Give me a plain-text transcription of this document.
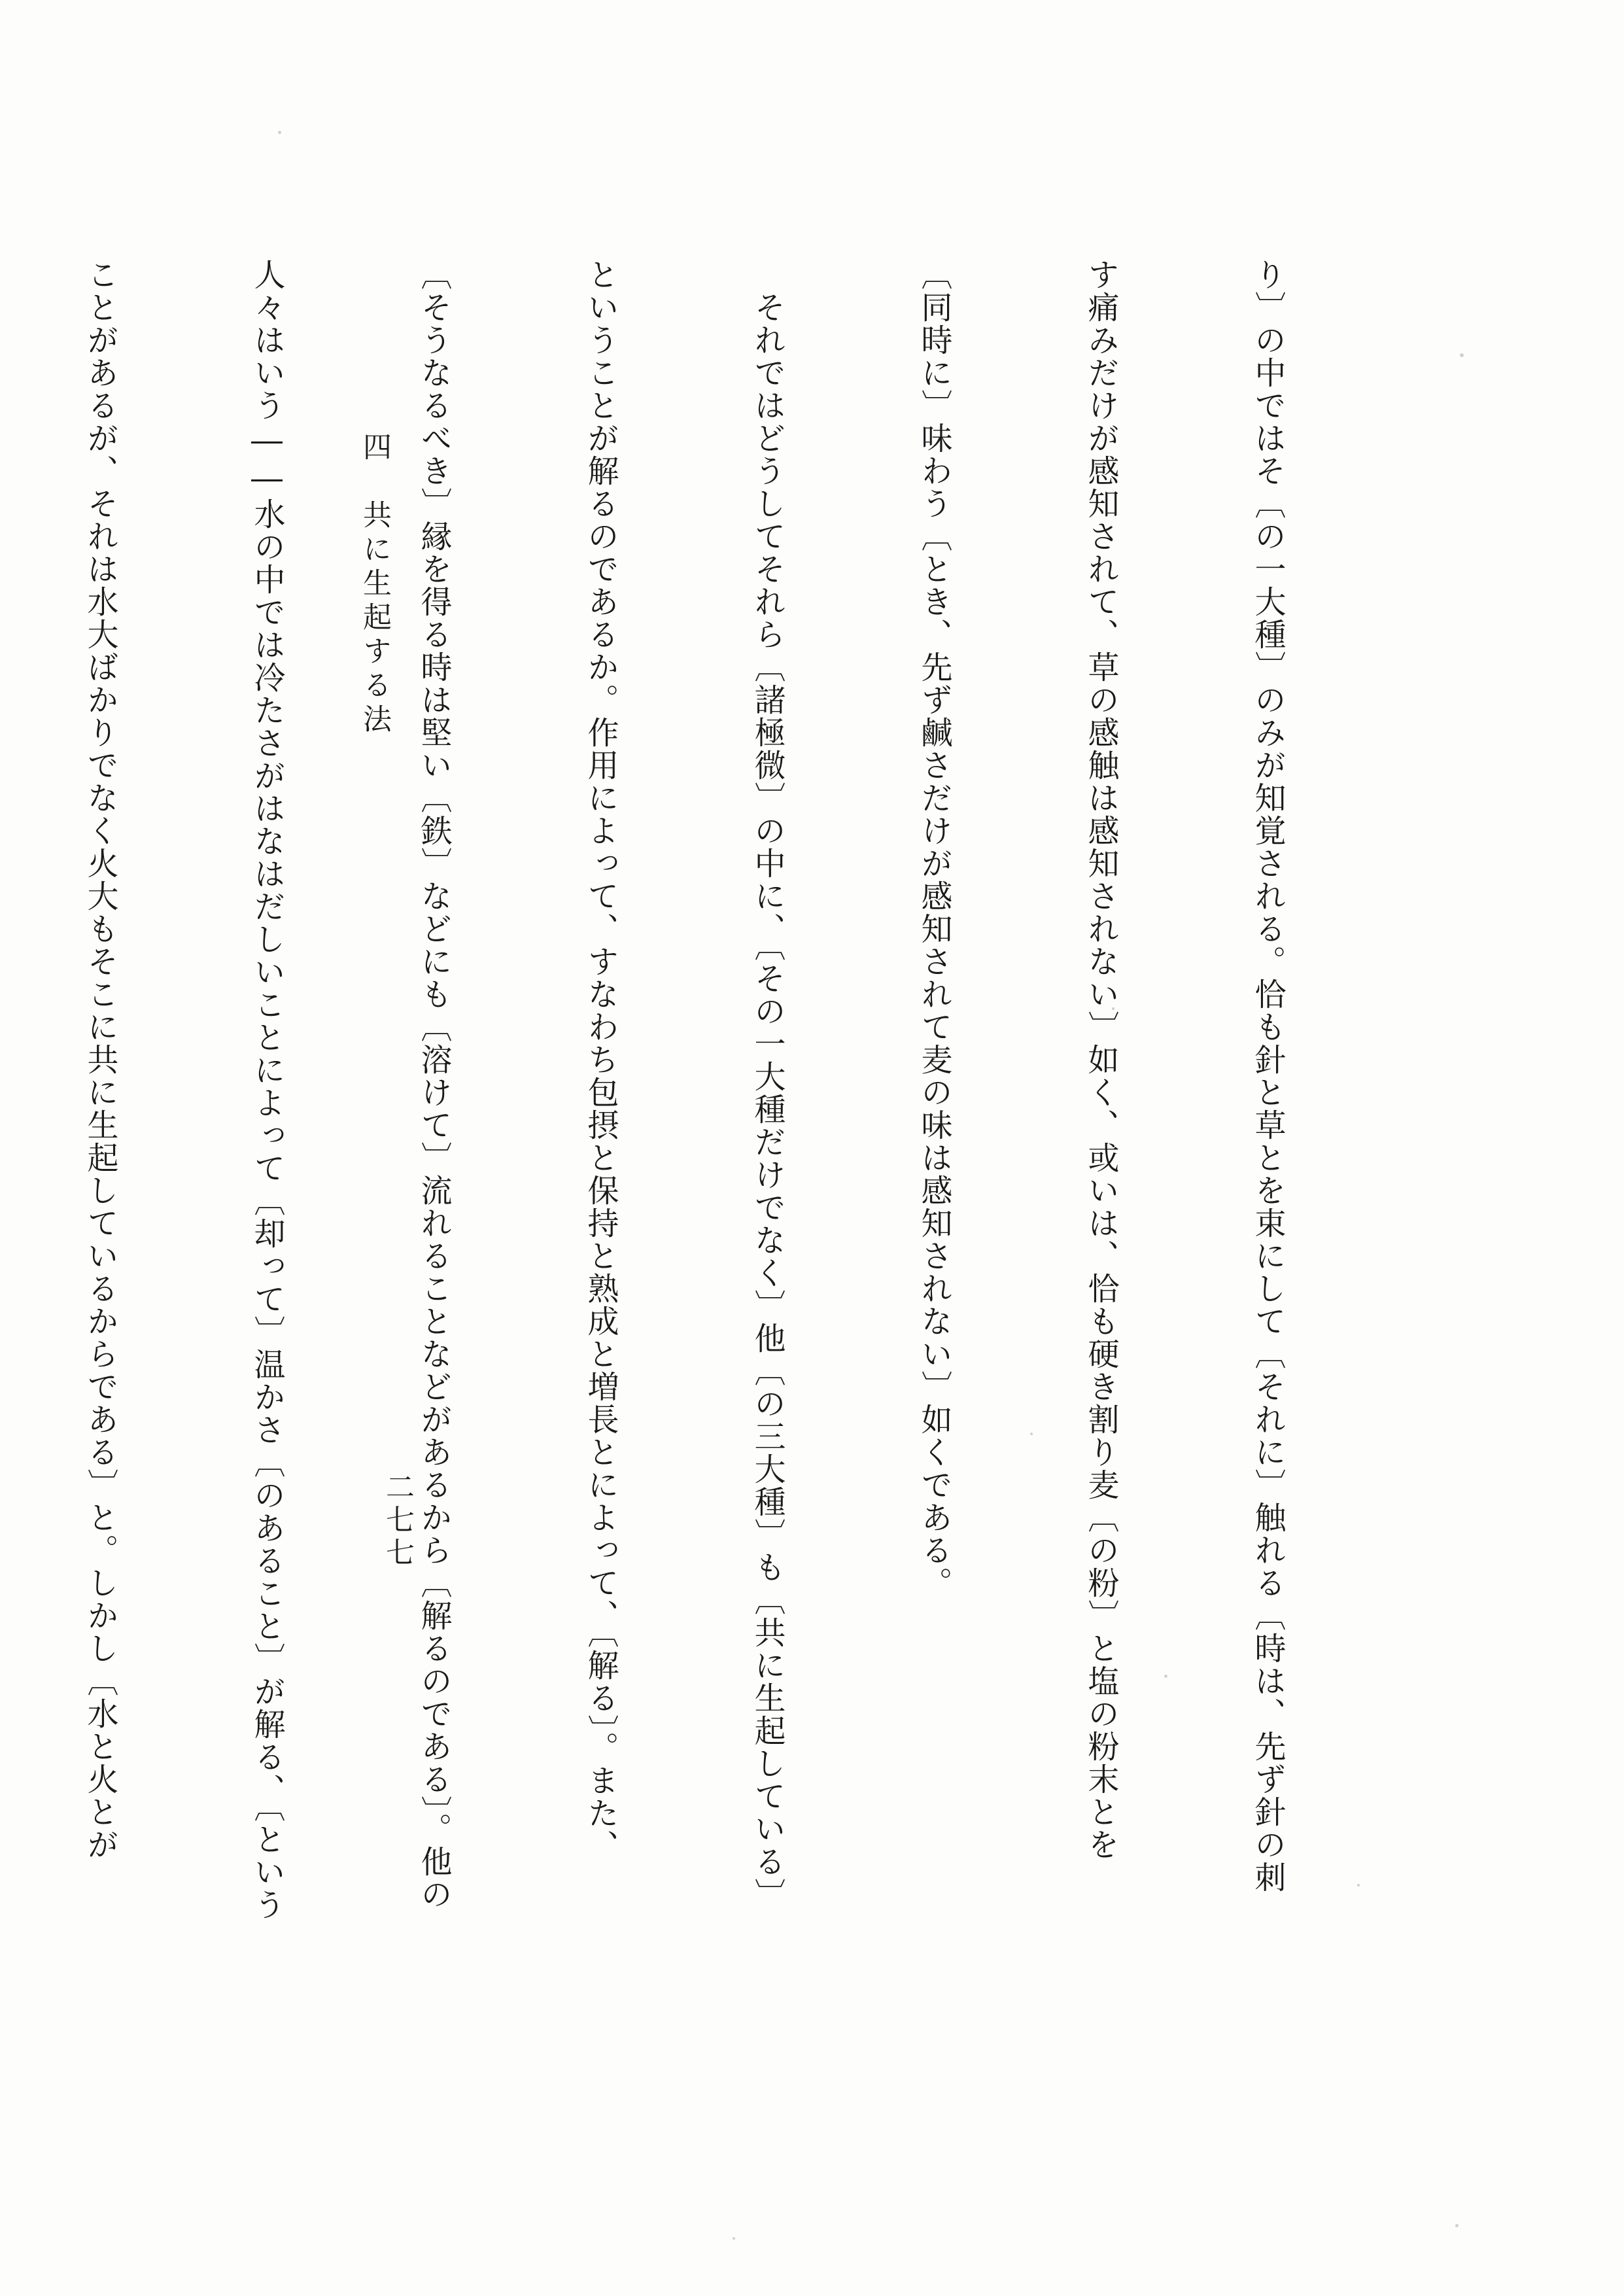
り〕の中ではそ〔の一大種〕のみが知覚される。恰も針と草とを束にして〔それに〕触れる〔時は、先ず針の刺

す痛みだけが感知されて、草の感触は感知されない〕如く、或いは、恰も硬き割り麦〔の粉〕と塩の粉末とを

〔同時に〕味わう〔とき、先ず鹹さだけが感知されて麦の味は感知されない〕如くである。

　それではどうしてそれら〔諸極微〕の中に、〔その一大種だけでなく〕他〔の三大種〕も〔共に生起している〕

ということが解るのであるか。作用によって、すなわち包摂と保持と熟成と増長とによって、〔解る〕。また、

〔そうなるべき〕縁を得る時は堅い〔鉄〕などにも〔溶けて〕流れることなどがあるから〔解るのである〕。他の

人々はいう――水の中では冷たさがはなはだしいことによって〔却って〕温かさ〔のあること〕が解る、〔という

ことがあるが、それは水大ばかりでなく火大もそこに共に生起しているからである〕と。しかし〔水と火とが

	四　共に生起する法
二七七
